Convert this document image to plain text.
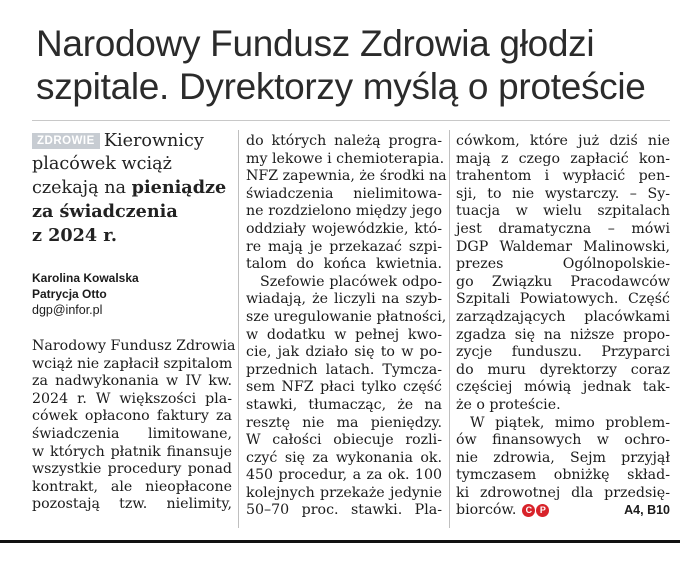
Narodowy Fundusz Zdrowia głodzi
szpitale. Dyrektorzy myślą o proteście
ZDROWIE Kierownicy
placówek wciąż
czekają na pieniądze
za świadczenia
z 2024 r.
Karolina Kowalska
Patrycja Otto
dgp@infor.pl
Narodowy Fundusz Zdrowia
wciąż nie zapłacił szpitalom
za nadwykonania w IV kw.
2024 r. W większości pla-
cówek opłacono faktury za
świadczenia limitowane,
w których płatnik finansuje
wszystkie procedury ponad
kontrakt, ale nieopłacone
pozostają tzw. nielimity,
do których należą progra-
my lekowe i chemioterapia.
NFZ zapewnia, że środki na
świadczenia nielimitowa-
ne rozdzielono między jego
oddziały wojewódzkie, któ-
re mają je przekazać szpi-
talom do końca kwietnia.
Szefowie placówek odpo-
wiadają, że liczyli na szyb-
sze uregulowanie płatności,
w dodatku w pełnej kwo-
cie, jak działo się to w po-
przednich latach. Tymcza-
sem NFZ płaci tylko część
stawki, tłumacząc, że na
resztę nie ma pieniędzy.
W całości obiecuje rozli-
czyć się za wykonania ok.
450 procedur, a za ok. 100
kolejnych przekaże jedynie
50–70 proc. stawki. Pla-
cówkom, które już dziś nie
mają z czego zapłacić kon-
trahentom i wypłacić pen-
sji, to nie wystarczy. – Sy-
tuacja w wielu szpitalach
jest dramatyczna – mówi
DGP Waldemar Malinowski,
prezes Ogólnopolskie-
go Związku Pracodawców
Szpitali Powiatowych. Część
zarządzających placówkami
zgadza się na niższe propo-
zycje funduszu. Przyparci
do muru dyrektorzy coraz
częściej mówią jednak tak-
że o proteście.
W piątek, mimo problem-
ów finansowych w ochro-
nie zdrowia, Sejm przyjął
tymczasem obniżkę skład-
ki zdrowotnej dla przedsię-
biorców.	C P	A4, B10
